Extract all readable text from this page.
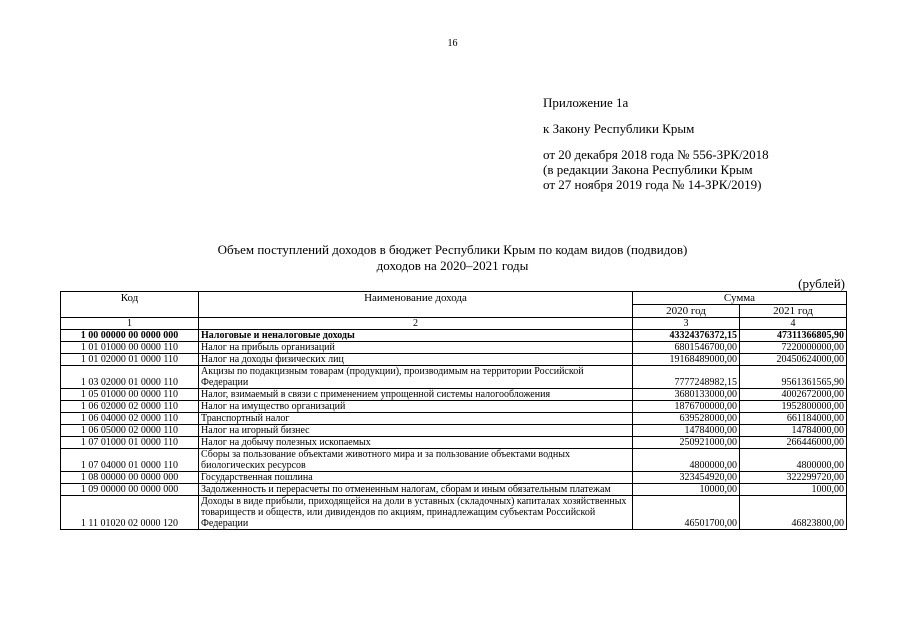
16
Приложение 1а
к Закону Республики Крым
от 20 декабря 2018 года № 556-ЗРК/2018
(в редакции Закона Республики Крым
от 27 ноября 2019 года № 14-ЗРК/2019)
Объем поступлений доходов в бюджет Республики Крым по кодам видов (подвидов)
доходов на 2020–2021 годы
(рублей)
Код	Наименование дохода	Сумма	
		2020 год	2021 год
1	2	3	4
1 00 00000 00 0000 000	Налоговые и неналоговые доходы	43324376372,15	47311366805,90
1 01 01000 00 0000 110	Налог на прибыль организаций	6801546700,00	7220000000,00
1 01 02000 01 0000 110	Налог на доходы физических лиц	19168489000,00	20450624000,00
1 03 02000 01 0000 110	Акцизы по подакцизным товарам (продукции), производимым на территории Российской Федерации	7777248982,15	9561361565,90
1 05 01000 00 0000 110	Налог, взимаемый в связи с применением упрощенной системы налогообложения	3680133000,00	4002672000,00
1 06 02000 02 0000 110	Налог на имущество организаций	1876700000,00	1952800000,00
1 06 04000 02 0000 110	Транспортный налог	639528000,00	661184000,00
1 06 05000 02 0000 110	Налог на игорный бизнес	14784000,00	14784000,00
1 07 01000 01 0000 110	Налог на добычу полезных ископаемых	250921000,00	266446000,00
1 07 04000 01 0000 110	Сборы за пользование объектами животного мира и за пользование объектами водных биологических ресурсов	4800000,00	4800000,00
1 08 00000 00 0000 000	Государственная пошлина	323454920,00	322299720,00
1 09 00000 00 0000 000	Задолженность и перерасчеты по отмененным налогам, сборам и иным обязательным платежам	10000,00	1000,00
1 11 01020 02 0000 120	Доходы в виде прибыли, приходящейся на доли в уставных (складочных) капиталах хозяйственных товариществ и обществ, или дивидендов по акциям, принадлежащим субъектам Российской Федерации	46501700,00	46823800,00
